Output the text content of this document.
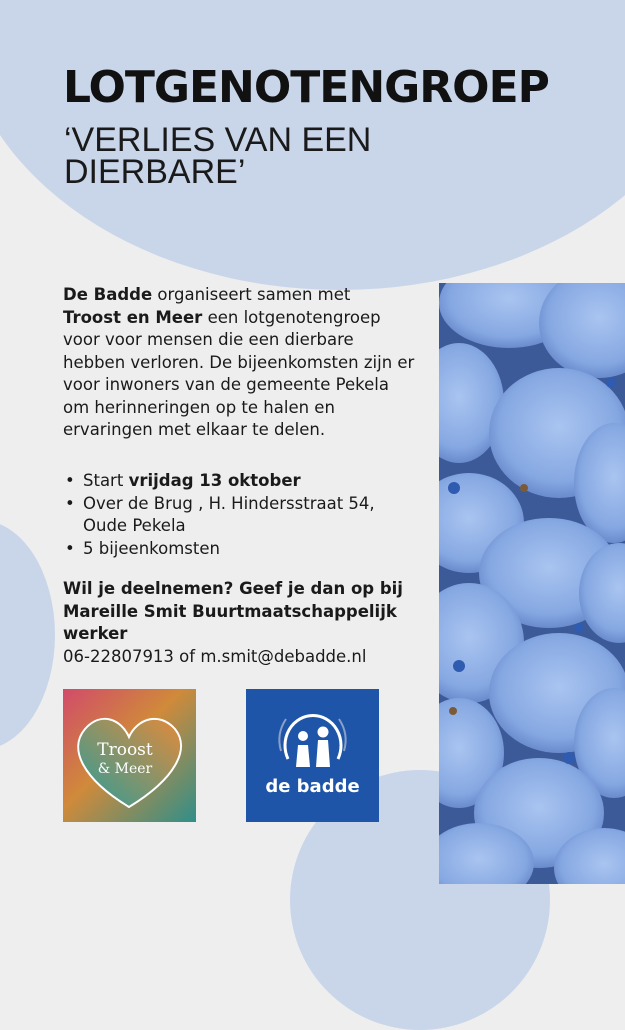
LOTGENOTENGROEP
‘VERLIES VAN EEN DIERBARE’
De Badde organiseert samen met
Troost en Meer een lotgenotengroep voor voor mensen die een dierbare hebben verloren. De bijeenkomsten zijn er voor inwoners van de gemeente Pekela om herinneringen op te halen en ervaringen met elkaar te delen.
• Start vrijdag 13 oktober
• Over de Brug , H. Hindersstraat 54, Oude Pekela
• 5 bijeenkomsten
Wil je deelnemen? Geef je dan op bij Mareille Smit Buurtmaatschappelijk werker
06-22807913 of m.smit@debadde.nl
Troost
& Meer
de badde
